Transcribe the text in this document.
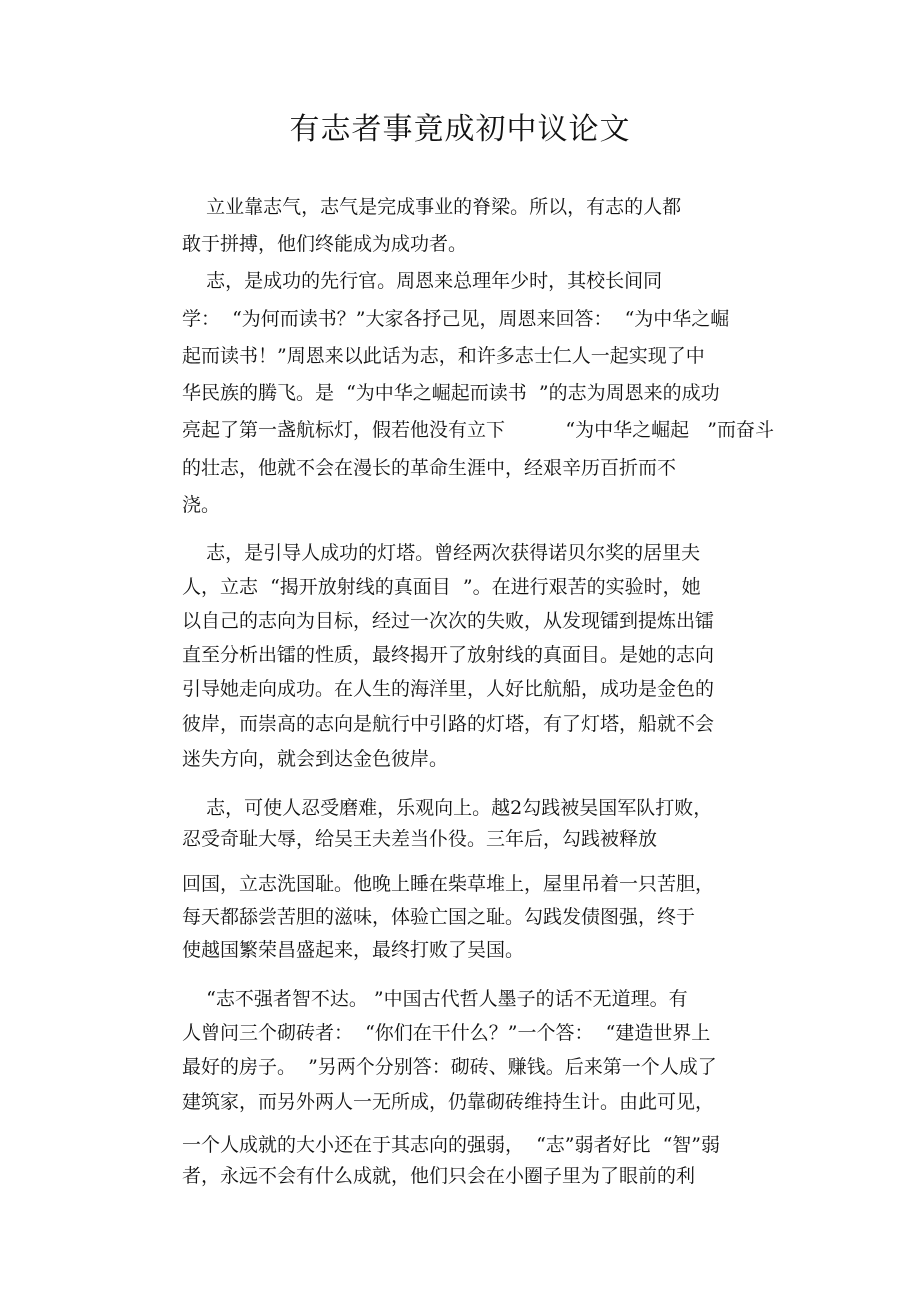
有志者事竟成初中议论文
立业靠志气，志气是完成事业的脊梁。所以，有志的人都
敢于拼搏，他们终能成为成功者。
志，是成功的先行官。周恩来总理年少时，其校长间同
学：  “为何而读书？”大家各抒己见，周恩来回答：  “为中华之崛
起而读书！”周恩来以此话为志，和许多志士仁人一起实现了中
华民族的腾飞。是  “为中华之崛起而读书  ”的志为周恩来的成功
亮起了第一盏航标灯，假若他没有立下          “为中华之崛起   ”而奋斗
的壮志，他就不会在漫长的革命生涯中，经艰辛历百折而不
浇。
志，是引导人成功的灯塔。曾经两次获得诺贝尔奖的居里夫
人，立志  “揭开放射线的真面目  ”。在进行艰苦的实验时，她
以自己的志向为目标，经过一次次的失败，从发现镭到提炼出镭
直至分析出镭的性质，最终揭开了放射线的真面目。是她的志向
引导她走向成功。在人生的海洋里，人好比航船，成功是金色的
彼岸，而崇高的志向是航行中引路的灯塔，有了灯塔，船就不会
迷失方向，就会到达金色彼岸。
志，可使人忍受磨难，乐观向上。越2勾践被吴国军队打败，
忍受奇耻大辱，给吴王夫差当仆役。三年后，勾践被释放
回国，立志洗国耻。他晚上睡在柴草堆上，屋里吊着一只苦胆，
每天都舔尝苦胆的滋味，体验亡国之耻。勾践发债图强，终于
使越国繁荣昌盛起来，最终打败了吴国。
“志不强者智不达。 ”中国古代哲人墨子的话不无道理。有
人曾问三个砌砖者：  “你们在干什么？”一个答：  “建造世界上
最好的房子。  ”另两个分别答：砌砖、赚钱。后来第一个人成了
建筑家，而另外两人一无所成，仍靠砌砖维持生计。由此可见，
一个人成就的大小还在于其志向的强弱，  “志”弱者好比  “智”弱
者，永远不会有什么成就，他们只会在小圈子里为了眼前的利
